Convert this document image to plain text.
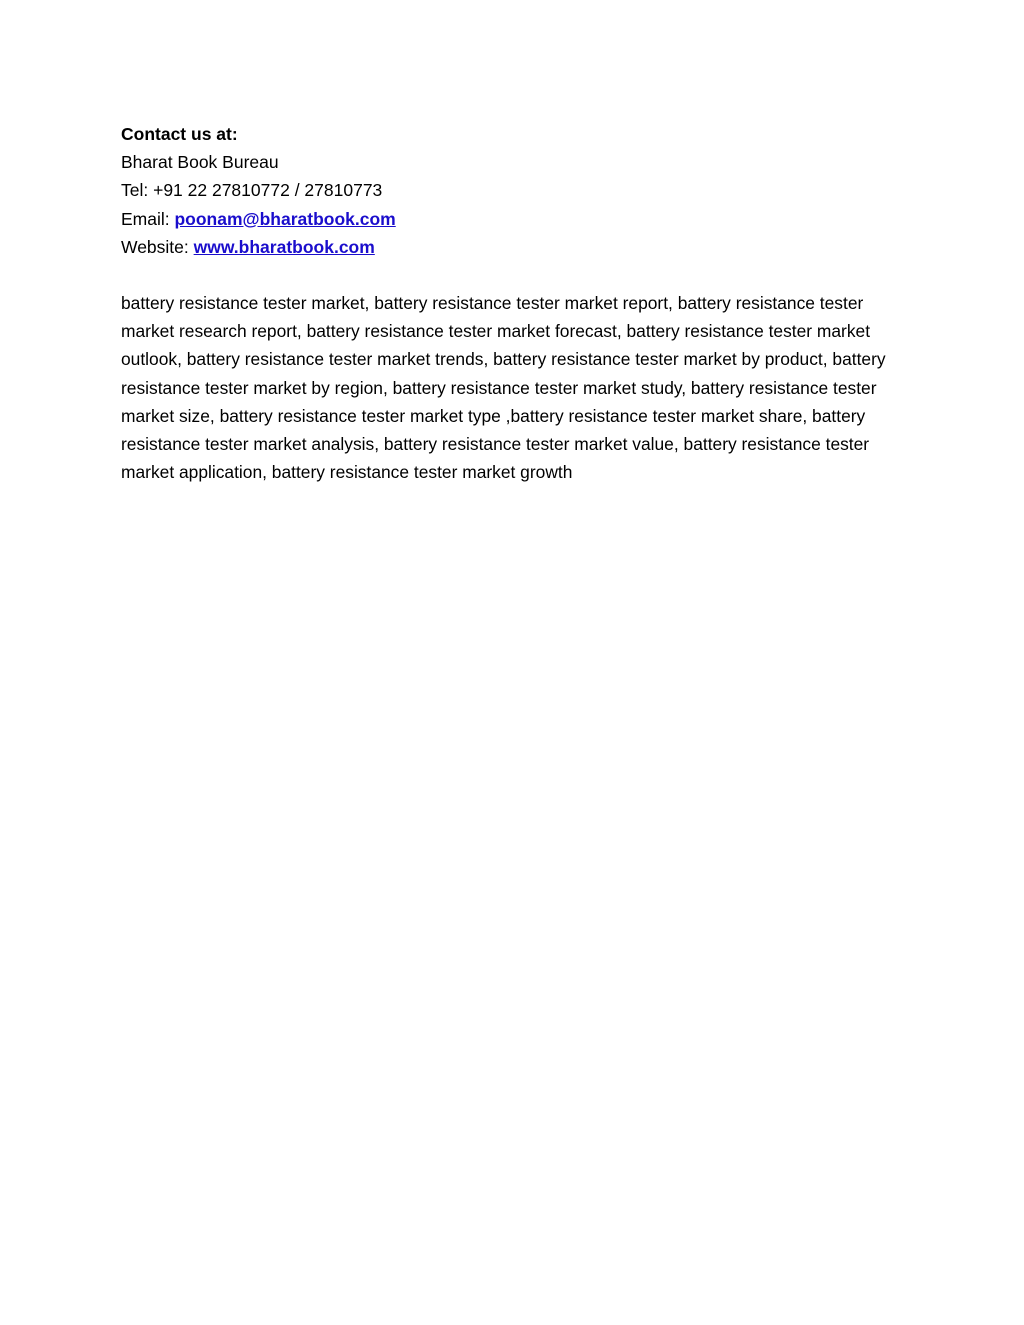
Contact us at:
Bharat Book Bureau
Tel: +91 22 27810772 / 27810773
Email: poonam@bharatbook.com
Website: www.bharatbook.com
battery resistance tester market, battery resistance tester market report, battery resistance tester market research report, battery resistance tester market forecast, battery resistance tester market outlook, battery resistance tester market trends, battery resistance tester market by product, battery resistance tester market by region, battery resistance tester market study, battery resistance tester market size, battery resistance tester market type ,battery resistance tester market share, battery resistance tester market analysis, battery resistance tester market value, battery resistance tester market application, battery resistance tester market growth
